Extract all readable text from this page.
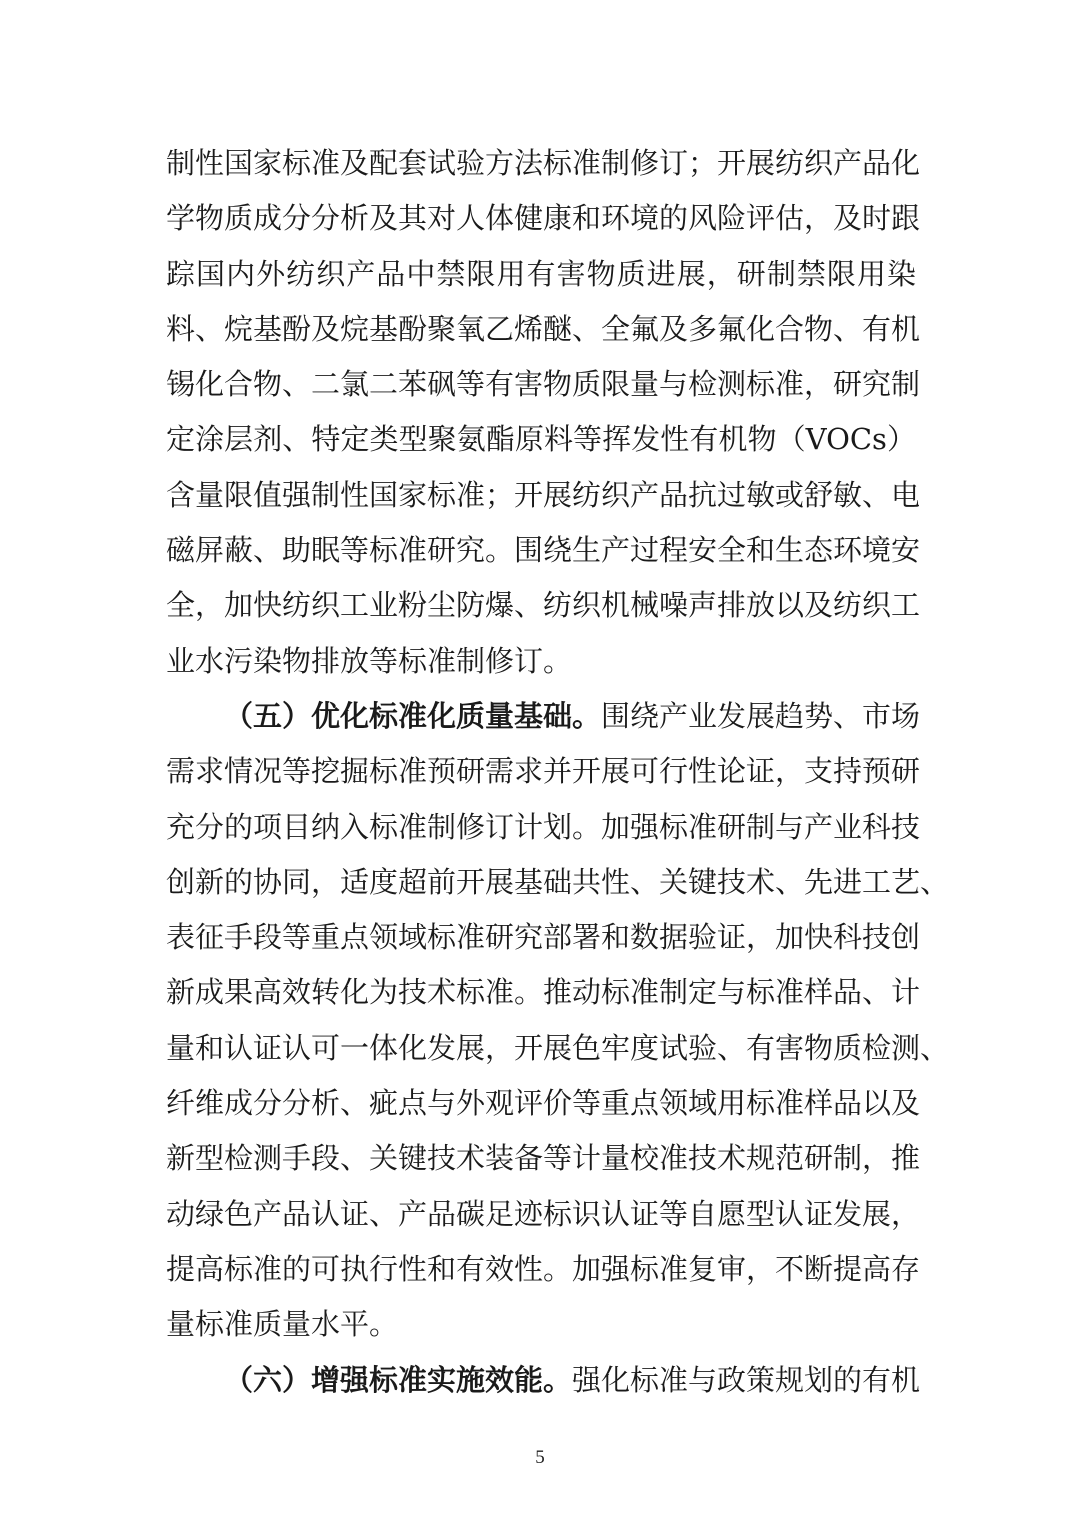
制性国家标准及配套试验方法标准制修订；开展纺织产品化
学物质成分分析及其对人体健康和环境的风险评估，及时跟
踪国内外纺织产品中禁限用有害物质进展，研制禁限用染
料、烷基酚及烷基酚聚氧乙烯醚、全氟及多氟化合物、有机
锡化合物、二氯二苯砜等有害物质限量与检测标准，研究制
定涂层剂、特定类型聚氨酯原料等挥发性有机物（VOCs）
含量限值强制性国家标准；开展纺织产品抗过敏或舒敏、电
磁屏蔽、助眠等标准研究。围绕生产过程安全和生态环境安
全，加快纺织工业粉尘防爆、纺织机械噪声排放以及纺织工
业水污染物排放等标准制修订。
（五）优化标准化质量基础。围绕产业发展趋势、市场
需求情况等挖掘标准预研需求并开展可行性论证，支持预研
充分的项目纳入标准制修订计划。加强标准研制与产业科技
创新的协同，适度超前开展基础共性、关键技术、先进工艺、
表征手段等重点领域标准研究部署和数据验证，加快科技创
新成果高效转化为技术标准。推动标准制定与标准样品、计
量和认证认可一体化发展，开展色牢度试验、有害物质检测、
纤维成分分析、疵点与外观评价等重点领域用标准样品以及
新型检测手段、关键技术装备等计量校准技术规范研制，推
动绿色产品认证、产品碳足迹标识认证等自愿型认证发展，
提高标准的可执行性和有效性。加强标准复审，不断提高存
量标准质量水平。
（六）增强标准实施效能。强化标准与政策规划的有机
5
